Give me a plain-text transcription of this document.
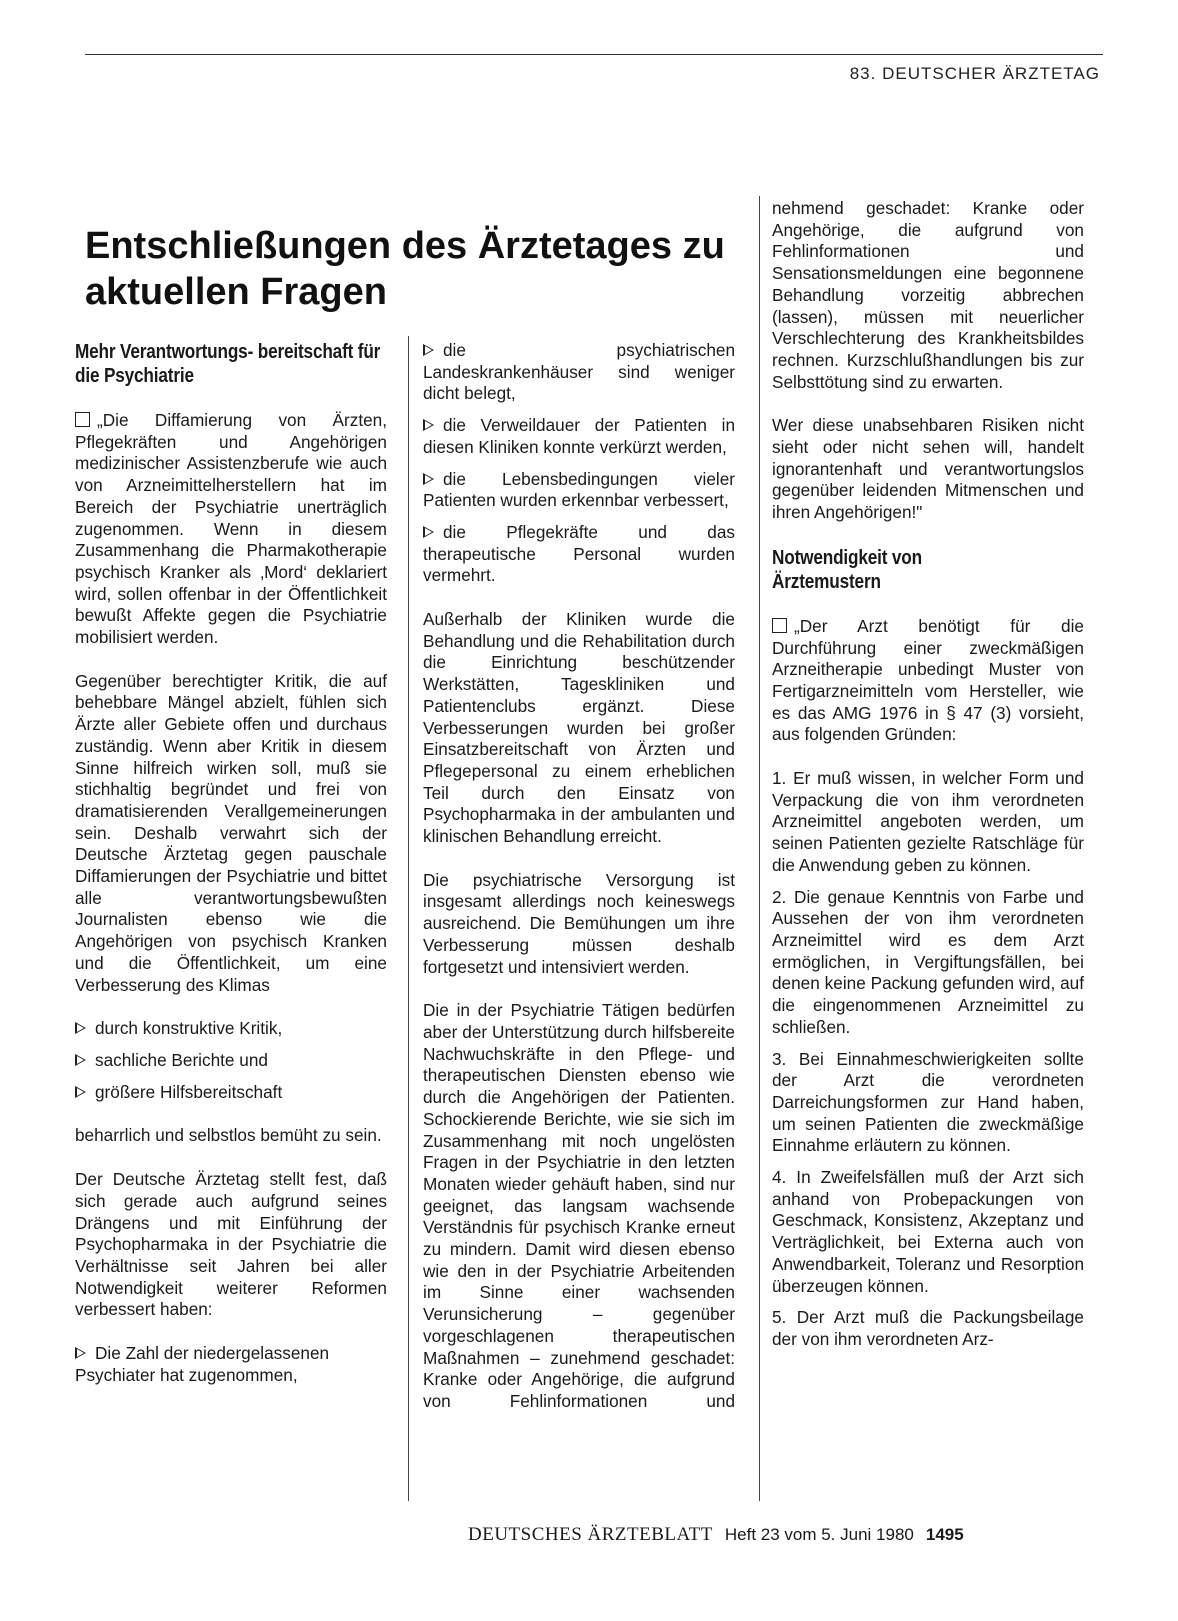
83. DEUTSCHER ÄRZTETAG
Entschließungen des Ärztetages zu aktuellen Fragen
Mehr Verantwortungs- bereitschaft für die Psychiatrie

„Die Diffamierung von Ärzten, Pflegekräften und Angehörigen medizinischer Assistenzberufe wie auch von Arzneimittelherstellern hat im Bereich der Psychiatrie unerträglich zugenommen. Wenn in diesem Zusammenhang die Pharmakotherapie psychisch Kranker als ‚Mord‘ deklariert wird, sollen offenbar in der Öffentlichkeit bewußt Affekte gegen die Psychiatrie mobilisiert werden.

Gegenüber berechtigter Kritik, die auf behebbare Mängel abzielt, fühlen sich Ärzte aller Gebiete offen und durchaus zuständig. Wenn aber Kritik in diesem Sinne hilfreich wirken soll, muß sie stichhaltig begründet und frei von dramatisierenden Verallgemeinerungen sein. Deshalb verwahrt sich der Deutsche Ärztetag gegen pauschale Diffamierungen der Psychiatrie und bittet alle verantwortungsbewußten Journalisten ebenso wie die Angehörigen von psychisch Kranken und die Öffentlichkeit, um eine Verbesserung des Klimas

durch konstruktive Kritik,

sachliche Berichte und

größere Hilfsbereitschaft

beharrlich und selbstlos bemüht zu sein.

Der Deutsche Ärztetag stellt fest, daß sich gerade auch aufgrund seines Drängens und mit Einführung der Psychopharmaka in der Psychiatrie die Verhältnisse seit Jahren bei aller Notwendigkeit weiterer Reformen verbessert haben:

Die Zahl der niedergelassenen Psychiater hat zugenommen,

die psychiatrischen Landeskrankenhäuser sind weniger dicht belegt,

die Verweildauer der Patienten in diesen Kliniken konnte verkürzt werden,

die Lebensbedingungen vieler Patienten wurden erkennbar verbessert,

die Pflegekräfte und das therapeutische Personal wurden vermehrt.

Außerhalb der Kliniken wurde die Behandlung und die Rehabilitation durch die Einrichtung beschützender Werkstätten, Tageskliniken und Patientenclubs ergänzt. Diese Verbesserungen wurden bei großer Einsatzbereitschaft von Ärzten und Pflegepersonal zu einem erheblichen Teil durch den Einsatz von Psychopharmaka in der ambulanten und klinischen Behandlung erreicht.

Die psychiatrische Versorgung ist insgesamt allerdings noch keineswegs ausreichend. Die Bemühungen um ihre Verbesserung müssen deshalb fortgesetzt und intensiviert werden.

Die in der Psychiatrie Tätigen bedürfen aber der Unterstützung durch hilfsbereite Nachwuchskräfte in den Pflege- und therapeutischen Diensten ebenso wie durch die Angehörigen der Patienten. Schockierende Berichte, wie sie sich im Zusammenhang mit noch ungelösten Fragen in der Psychiatrie in den letzten Monaten wieder gehäuft haben, sind nur geeignet, das langsam wachsende Verständnis für psychisch Kranke erneut zu mindern. Damit wird diesen ebenso wie den in der Psychiatrie Arbeitenden im Sinne einer wachsenden Verunsicherung – gegenüber vorgeschlagenen therapeutischen Maßnahmen – zunehmend geschadet: Kranke oder Angehörige, die aufgrund von Fehlinformationen und

nehmend geschadet: Kranke oder Angehörige, die aufgrund von Fehlinformationen und Sensationsmeldungen eine begonnene Behandlung vorzeitig abbrechen (lassen), müssen mit neuerlicher Verschlechterung des Krankheitsbildes rechnen. Kurzschlußhandlungen bis zur Selbsttötung sind zu erwarten.

Wer diese unabsehbaren Risiken nicht sieht oder nicht sehen will, handelt ignorantenhaft und verantwortungslos gegenüber leidenden Mitmenschen und ihren Angehörigen!"

Notwendigkeit von Ärztemustern

„Der Arzt benötigt für die Durchführung einer zweckmäßigen Arzneitherapie unbedingt Muster von Fertigarzneimitteln vom Hersteller, wie es das AMG 1976 in § 47 (3) vorsieht, aus folgenden Gründen:

1. Er muß wissen, in welcher Form und Verpackung die von ihm verordneten Arzneimittel angeboten werden, um seinen Patienten gezielte Ratschläge für die Anwendung geben zu können.

2. Die genaue Kenntnis von Farbe und Aussehen der von ihm verordneten Arzneimittel wird es dem Arzt ermöglichen, in Vergiftungsfällen, bei denen keine Packung gefunden wird, auf die eingenommenen Arzneimittel zu schließen.

3. Bei Einnahmeschwierigkeiten sollte der Arzt die verordneten Darreichungsformen zur Hand haben, um seinen Patienten die zweckmäßige Einnahme erläutern zu können.

4. In Zweifelsfällen muß der Arzt sich anhand von Probepackungen von Geschmack, Konsistenz, Akzeptanz und Verträglichkeit, bei Externa auch von Anwendbarkeit, Toleranz und Resorption überzeugen können.

5. Der Arzt muß die Packungsbeilage der von ihm verordneten Arz-

DEUTSCHES ÄRZTEBLATT Heft 23 vom 5. Juni 1980 1495
